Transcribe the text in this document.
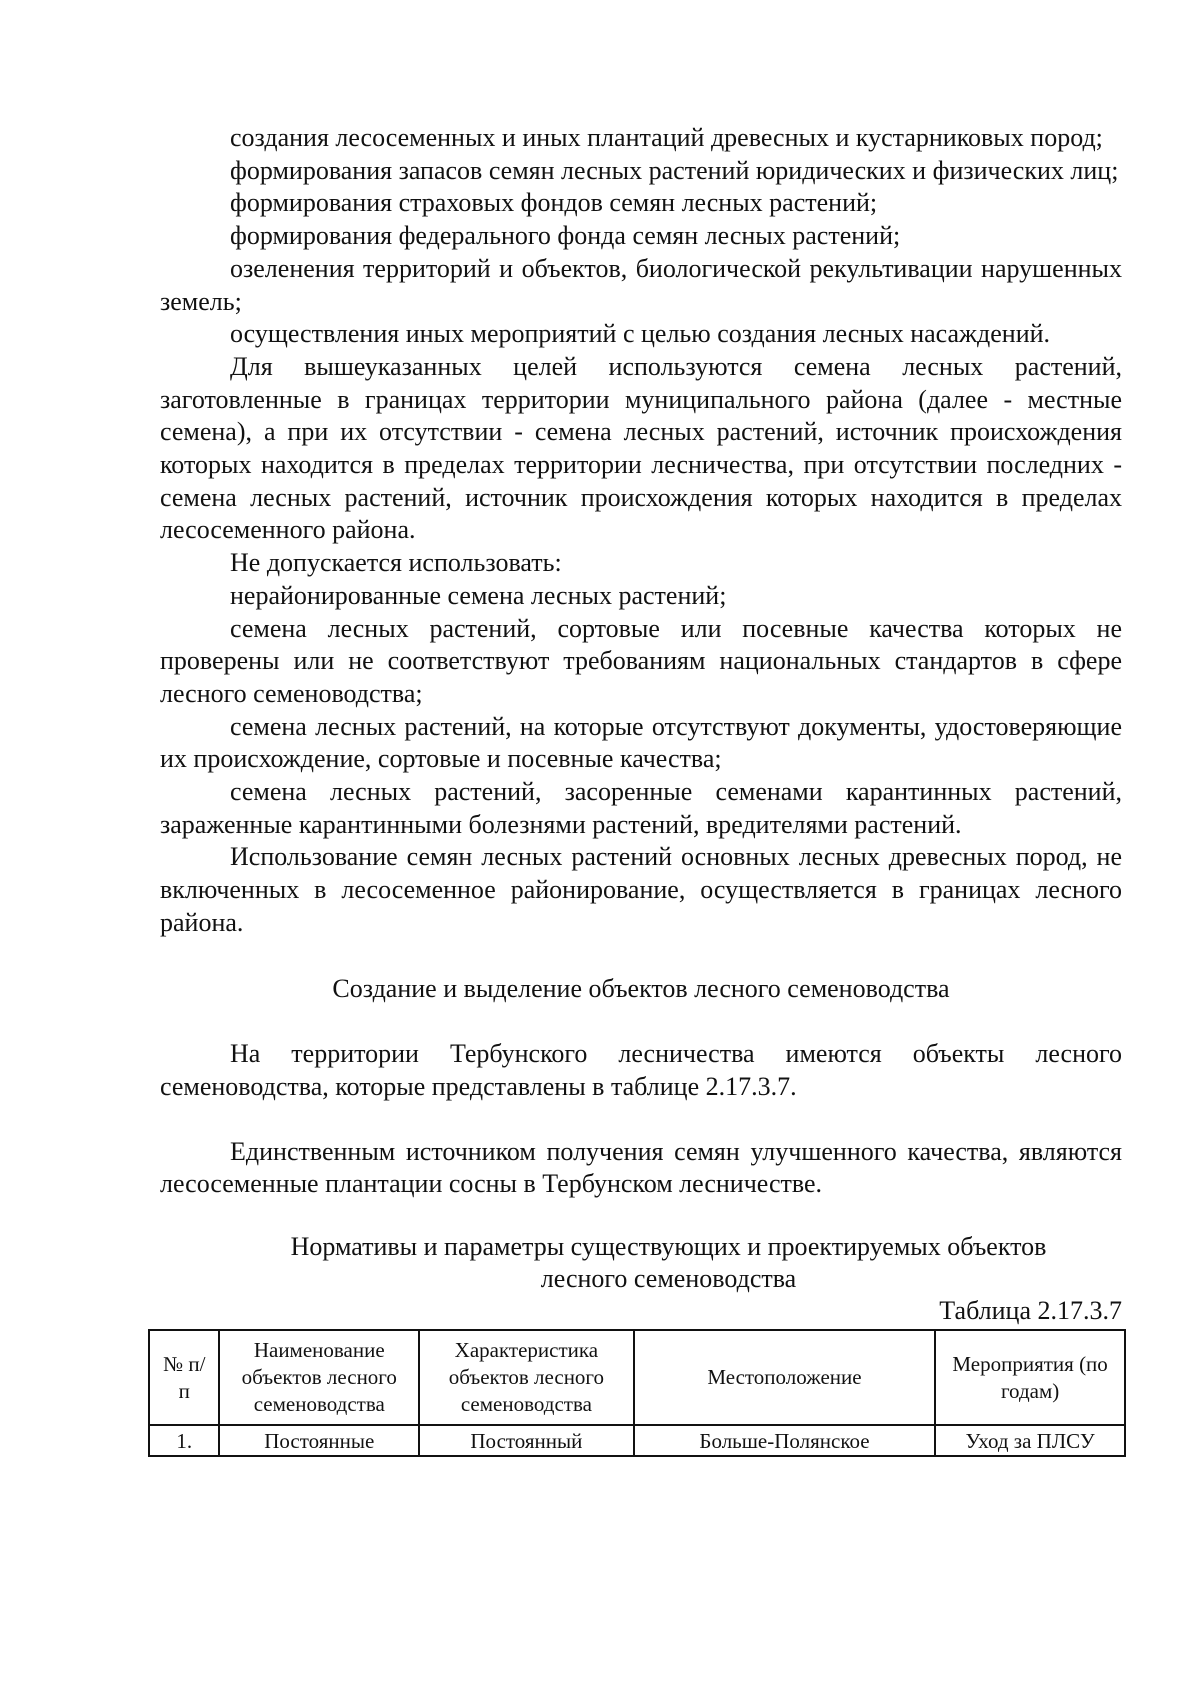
создания лесосеменных и иных плантаций древесных и кустарниковых пород;

формирования запасов семян лесных растений юридических и физических лиц;

формирования страховых фондов семян лесных растений;

формирования федерального фонда семян лесных растений;

озеленения территорий и объектов, биологической рекультивации нарушенных земель;

осуществления иных мероприятий с целью создания лесных насаждений.

Для вышеуказанных целей используются семена лесных растений, заготовленные в границах территории муниципального района (далее - местные семена), а при их отсутствии - семена лесных растений, источник происхождения которых находится в пределах территории лесничества, при отсутствии последних - семена лесных растений, источник происхождения которых находится в пределах лесосеменного района.

Не допускается использовать:

нерайонированные семена лесных растений;

семена лесных растений, сортовые или посевные качества которых не проверены или не соответствуют требованиям национальных стандартов в сфере лесного семеноводства;

семена лесных растений, на которые отсутствуют документы, удостоверяющие их происхождение, сортовые и посевные качества;

семена лесных растений, засоренные семенами карантинных растений, зараженные карантинными болезнями растений, вредителями растений.

Использование семян лесных растений основных лесных древесных пород, не включенных в лесосеменное районирование, осуществляется в границах лесного района.

Создание и выделение объектов лесного семеноводства

На территории Тербунского лесничества имеются объекты лесного семеноводства, которые представлены в таблице 2.17.3.7.

Единственным источником получения семян улучшенного качества, являются лесосеменные плантации сосны в Тербунском лесничестве.

Нормативы и параметры существующих и проектируемых объектов

лесного семеноводства

Таблица 2.17.3.7

№ п/п	Наименование объектов лесного семеноводства	Характеристика объектов лесного семеноводства	Местоположение	Мероприятия (по годам)
1.	Постоянные	Постоянный	Больше-Полянское	Уход за ПЛСУ
